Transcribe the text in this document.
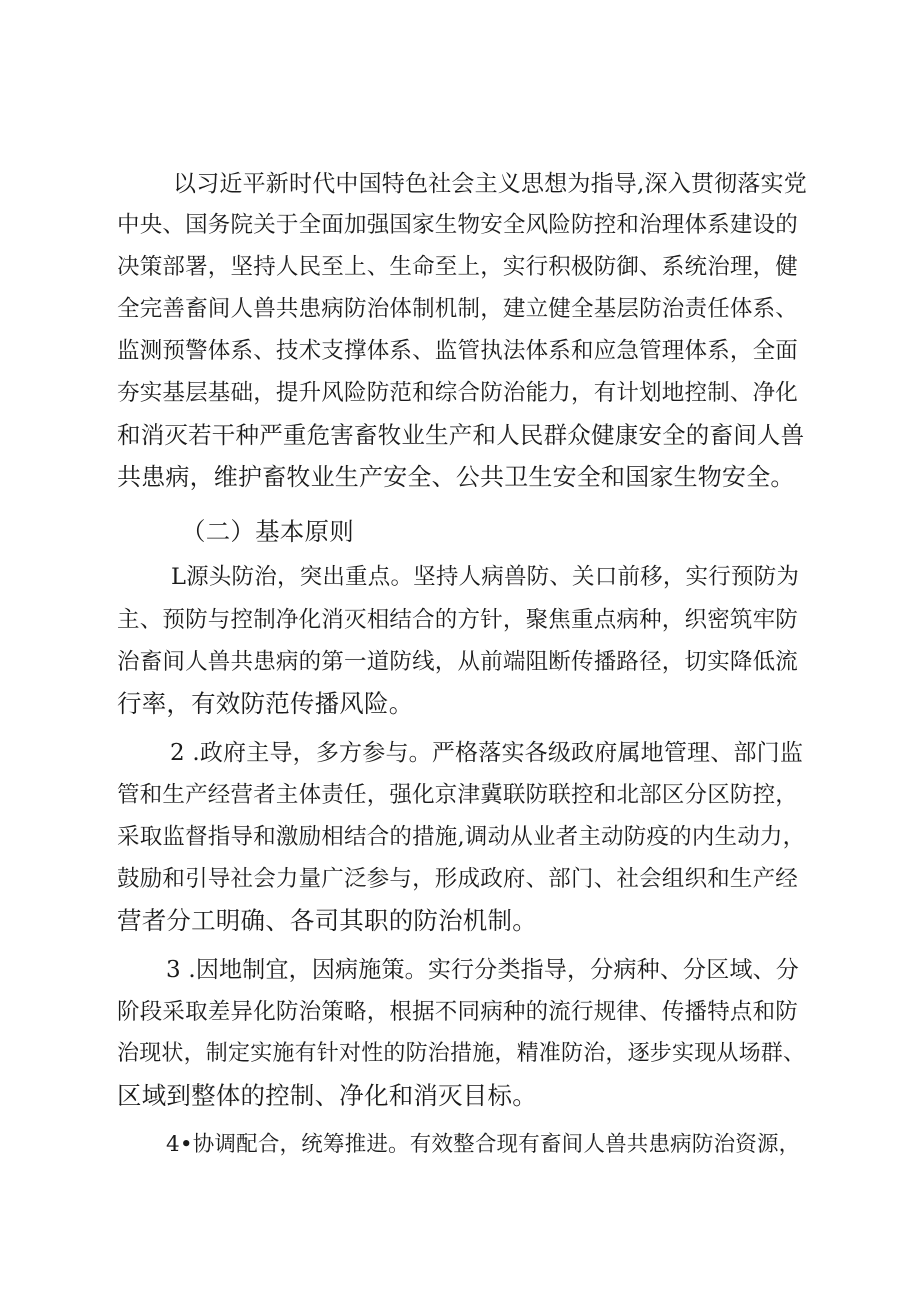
以习近平新时代中国特色社会主义思想为指导,深入贯彻落实党
中央、国务院关于全面加强国家生物安全风险防控和治理体系建设的
决策部署，坚持人民至上、生命至上，实行积极防御、系统治理，健
全完善畜间人兽共患病防治体制机制，建立健全基层防治责任体系、
监测预警体系、技术支撑体系、监管执法体系和应急管理体系，全面
夯实基层基础，提升风险防范和综合防治能力，有计划地控制、净化
和消灭若干种严重危害畜牧业生产和人民群众健康安全的畜间人兽
共患病，维护畜牧业生产安全、公共卫生安全和国家生物安全。
（二）基本原则
L源头防治，突出重点。坚持人病兽防、关口前移，实行预防为
主、预防与控制净化消灭相结合的方针，聚焦重点病种，织密筑牢防
治畜间人兽共患病的第一道防线，从前端阻断传播路径，切实降低流
行率，有效防范传播风险。
2 .政府主导，多方参与。严格落实各级政府属地管理、部门监
管和生产经营者主体责任，强化京津冀联防联控和北部区分区防控，
采取监督指导和激励相结合的措施,调动从业者主动防疫的内生动力，
鼓励和引导社会力量广泛参与，形成政府、部门、社会组织和生产经
营者分工明确、各司其职的防治机制。
3 .因地制宜，因病施策。实行分类指导，分病种、分区域、分
阶段采取差异化防治策略，根据不同病种的流行规律、传播特点和防
治现状，制定实施有针对性的防治措施，精准防治，逐步实现从场群、
区域到整体的控制、净化和消灭目标。
4•协调配合，统筹推进。有效整合现有畜间人兽共患病防治资源，
